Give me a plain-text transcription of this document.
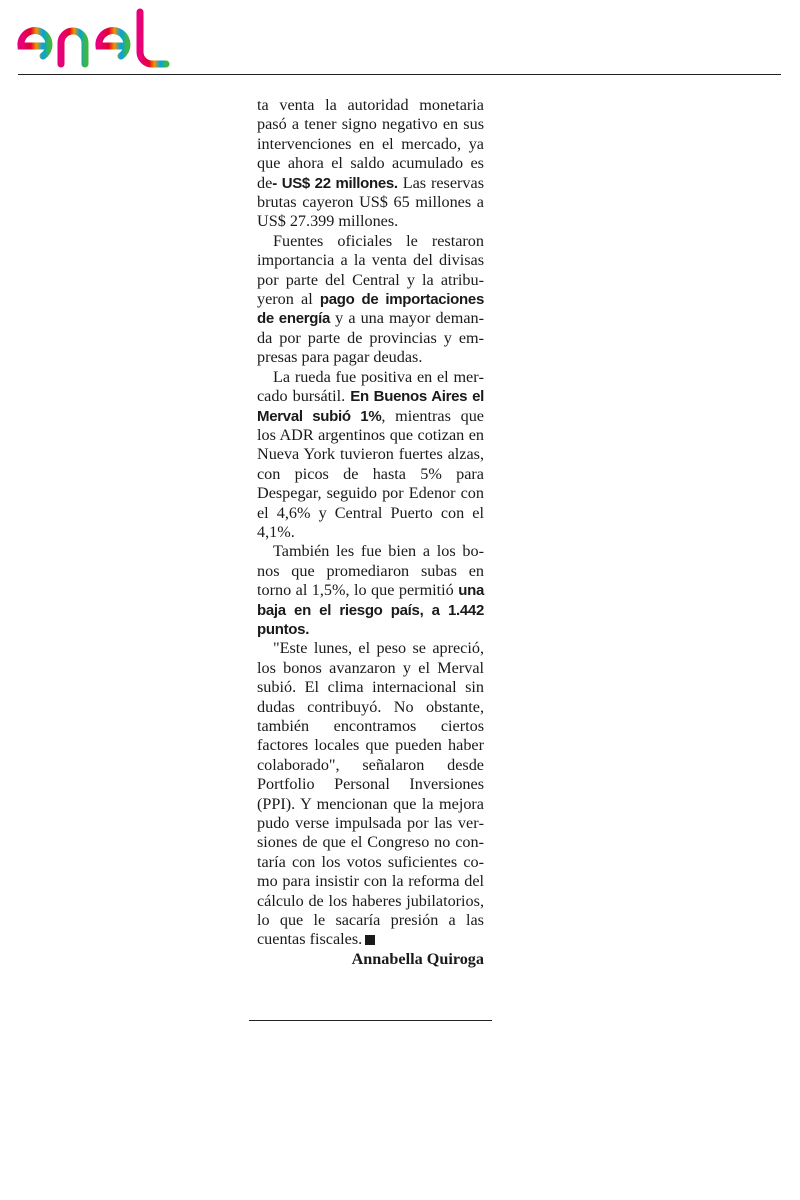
enel

ta venta la autoridad monetaria pasó a tener signo negativo en sus intervenciones en el mercado, ya que ahora el saldo acumulado es de- US$ 22 millones. Las reservas brutas cayeron US$ 65 millones a US$ 27.399 millones.

Fuentes oficiales le restaron importancia a la venta del divisas por parte del Central y la atribuyeron al pago de importaciones de energía y a una mayor demanda por parte de provincias y empresas para pagar deudas.

La rueda fue positiva en el mercado bursátil. En Buenos Aires el Merval subió 1%, mientras que los ADR argentinos que cotizan en Nueva York tuvieron fuertes alzas, con picos de hasta 5% para Despegar, seguido por Edenor con el 4,6% y Central Puerto con el 4,1%.

También les fue bien a los bonos que promediaron subas en torno al 1,5%, lo que permitió una baja en el riesgo país, a 1.442 puntos.

"Este lunes, el peso se apreció, los bonos avanzaron y el Merval subió. El clima internacional sin dudas contribuyó. No obstante, también encontramos ciertos factores locales que pueden haber colaborado", señalaron desde Portfolio Personal Inversiones (PPI). Y mencionan que la mejora pudo verse impulsada por las versiones de que el Congreso no contaría con los votos suficientes como para insistir con la reforma del cálculo de los haberes jubilatorios, lo que le sacaría presión a las cuentas fiscales.

Annabella Quiroga
